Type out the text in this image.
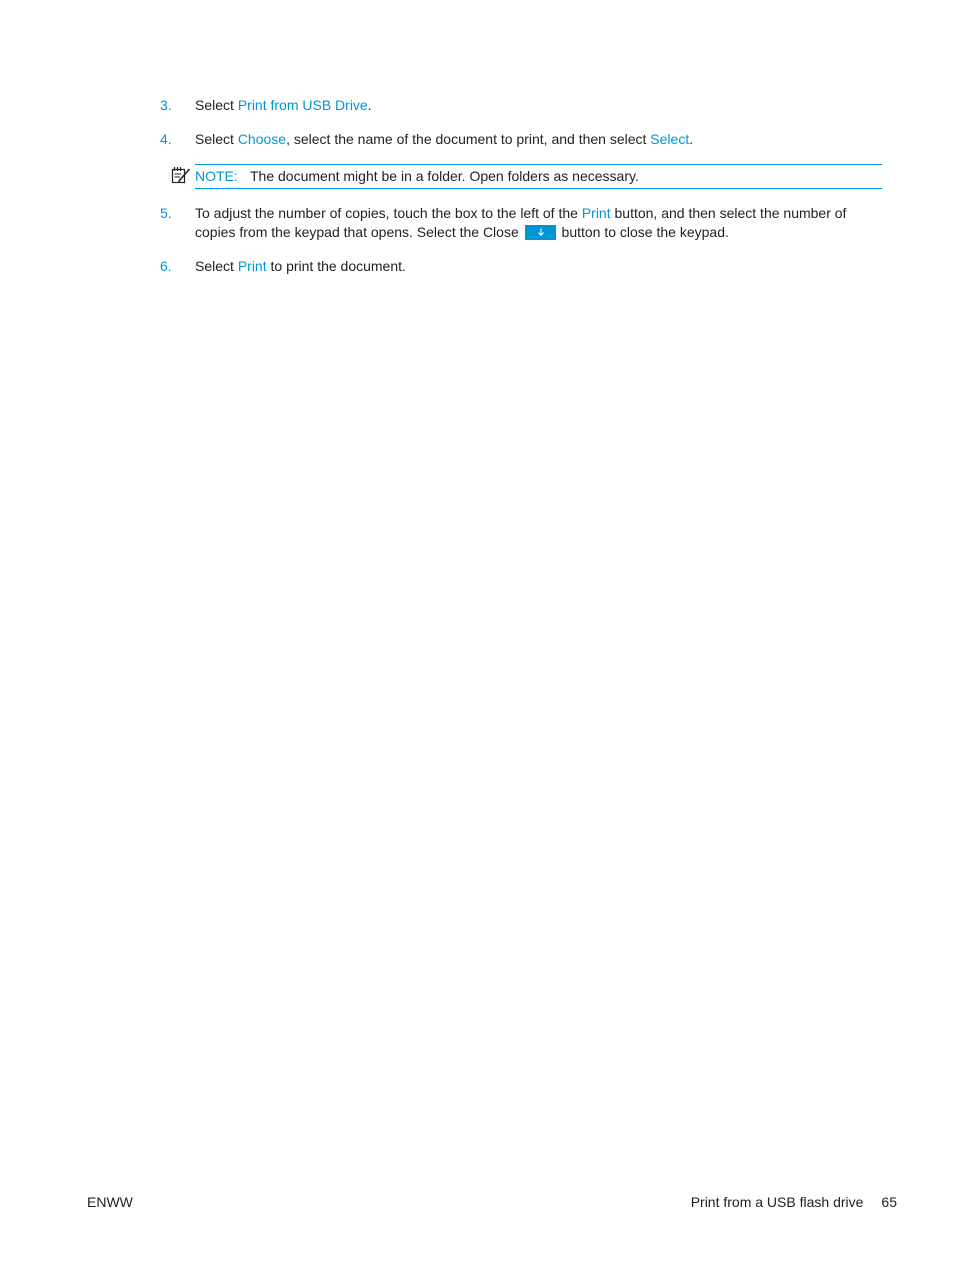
3. Select Print from USB Drive.
4. Select Choose, select the name of the document to print, and then select Select.
NOTE: The document might be in a folder. Open folders as necessary.
5. To adjust the number of copies, touch the box to the left of the Print button, and then select the number of copies from the keypad that opens. Select the Close	button to close the keypad.
6. Select Print to print the document.
ENWW	Print from a USB flash drive 65
